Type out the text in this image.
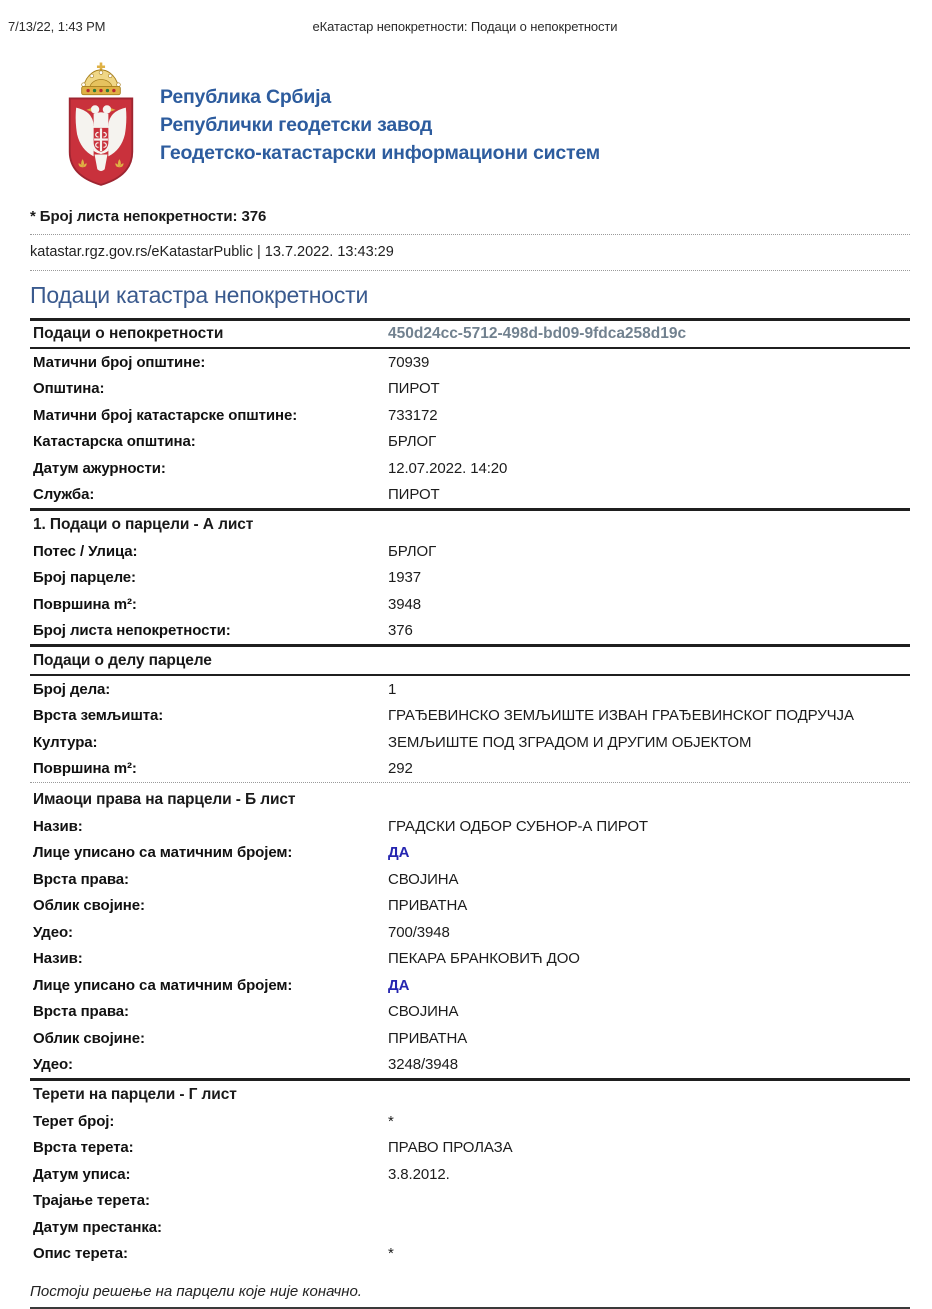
7/13/22, 1:43 PM	еКатастар непокретности: Подаци о непокретности
Република Србија
Републички геодетски завод
Геодетско-катастарски информациони систем
* Број листа непокретности: 376
katastar.rgz.gov.rs/eKatastarPublic | 13.7.2022. 13:43:29
Подаци катастра непокретности
Подаци о непокретности	450d24cc-5712-498d-bd09-9fdca258d19c
Матични број општине:	70939
Општина:	ПИРОТ
Матични број катастарске општине:	733172
Катастарска општина:	БРЛОГ
Датум ажурности:	12.07.2022. 14:20
Служба:	ПИРОТ
1. Подаци о парцели - А лист
Потес / Улица:	БРЛОГ
Број парцеле:	1937
Површина m²:	3948
Број листа непокретности:	376
Подаци о делу парцеле
Број дела:	1
Врста земљишта:	ГРАЂЕВИНСКО ЗЕМЉИШТЕ ИЗВАН ГРАЂЕВИНСКОГ ПОДРУЧЈА
Култура:	ЗЕМЉИШТЕ ПОД ЗГРАДОМ И ДРУГИМ ОБЈЕКТОМ
Површина m²:	292
Имаоци права на парцели - Б лист
Назив:	ГРАДСКИ ОДБОР СУБНОР-А ПИРОТ
Лице уписано са матичним бројем:	ДА
Врста права:	СВОЈИНА
Облик својине:	ПРИВАТНА
Удео:	700/3948
Назив:	ПЕКАРА БРАНКОВИЋ ДОО
Лице уписано са матичним бројем:	ДА
Врста права:	СВОЈИНА
Облик својине:	ПРИВАТНА
Удео:	3248/3948
Терети на парцели - Г лист
Терет број:	*
Врста терета:	ПРАВО ПРОЛАЗА
Датум уписа:	3.8.2012.
Трајање терета:
Датум престанка:
Опис терета:	*
Постоји решење на парцели које није коначно.
